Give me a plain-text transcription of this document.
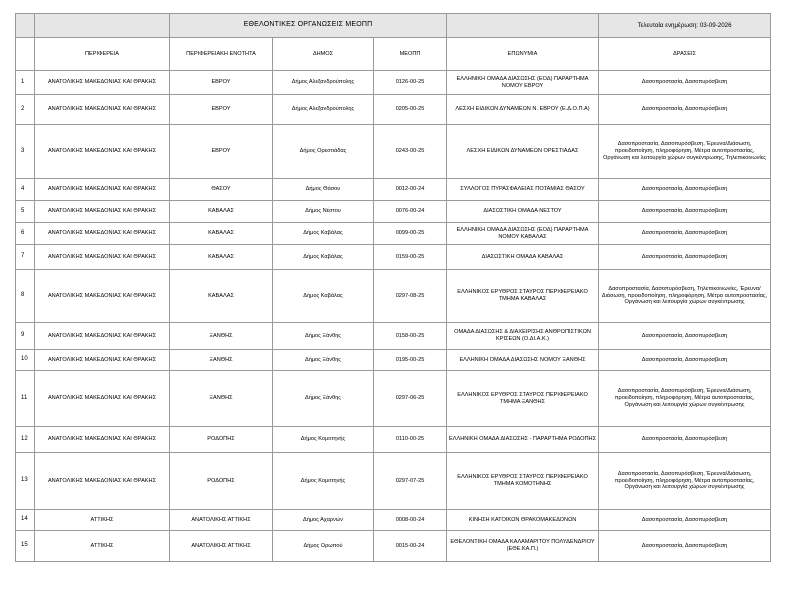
		ΕΘΕΛΟΝΤΙΚΕΣ ΟΡΓΑΝΩΣΕΙΣ ΜΕΟΠΠ				Τελευταία ενημέρωση: 03-09-2026
	ΠΕΡΙΦΕΡΕΙΑ	ΠΕΡΙΦΕΡΕΙΑΚΗ ΕΝΟΤΗΤΑ	ΔΗΜΟΣ	ΜΕΟΠΠ	ΕΠΩΝΥΜΙΑ	ΔΡΑΣΕΙΣ
1	ΑΝΑΤΟΛΙΚΗΣ ΜΑΚΕΔΟΝΙΑΣ ΚΑΙ ΘΡΑΚΗΣ	ΕΒΡΟΥ	Δήμος Αλεξανδρούπολης	0126-00-25	ΕΛΛΗΝΙΚΗ ΟΜΑΔΑ ΔΙΑΣΩΣΗΣ (ΕΟΔ) ΠΑΡΑΡΤΗΜΑ ΝΟΜΟΥ ΕΒΡΟΥ	Δασοπροστασία, Δασοπυρόσβεση
2	ΑΝΑΤΟΛΙΚΗΣ ΜΑΚΕΔΟΝΙΑΣ ΚΑΙ ΘΡΑΚΗΣ	ΕΒΡΟΥ	Δήμος Αλεξανδρούπολης	0205-00-25	ΛΕΣΧΗ ΕΙΔΙΚΩΝ ΔΥΝΑΜΕΩΝ Ν. ΕΒΡΟΥ (Ε.Δ.Ο.Π.Α)	Δασοπροστασία, Δασοπυρόσβεση
3	ΑΝΑΤΟΛΙΚΗΣ ΜΑΚΕΔΟΝΙΑΣ ΚΑΙ ΘΡΑΚΗΣ	ΕΒΡΟΥ	Δήμος Ορεστιάδας	0243-00-25	ΛΕΣΧΗ ΕΙΔΙΚΩΝ ΔΥΝΑΜΕΩΝ ΟΡΕΣΤΙΑΔΑΣ	Δασοπροστασία, Δασοπυρόσβεση, Έρευνα/Διάσωση, προειδοποίηση, πληροφόρηση, Μέτρα αυτοπροστασίας, Οργάνωση και λειτουργία χώρων συγκέντρωσης, Τηλεπικοινωνίες
4	ΑΝΑΤΟΛΙΚΗΣ ΜΑΚΕΔΟΝΙΑΣ ΚΑΙ ΘΡΑΚΗΣ	ΘΑΣΟΥ	Δήμος Θάσου	0012-00-24	ΣΥΛΛΟΓΟΣ ΠΥΡΑΣΦΑΛΕΙΑΣ ΠΟΤΑΜΙΑΣ ΘΑΣΟΥ	Δασοπροστασία, Δασοπυρόσβεση
5	ΑΝΑΤΟΛΙΚΗΣ ΜΑΚΕΔΟΝΙΑΣ ΚΑΙ ΘΡΑΚΗΣ	ΚΑΒΑΛΑΣ	Δήμος Νέστου	0076-00-24	ΔΙΑΣΩΣΤΙΚΗ ΟΜΑΔΑ ΝΕΣΤΟΥ	Δασοπροστασία, Δασοπυρόσβεση
6	ΑΝΑΤΟΛΙΚΗΣ ΜΑΚΕΔΟΝΙΑΣ ΚΑΙ ΘΡΑΚΗΣ	ΚΑΒΑΛΑΣ	Δήμος Καβάλας	0099-00-25	ΕΛΛΗΝΙΚΗ ΟΜΑΔΑ ΔΙΑΣΩΣΗΣ (ΕΟΔ) ΠΑΡΑΡΤΗΜΑ ΝΟΜΟΥ ΚΑΒΑΛΑΣ	Δασοπροστασία, Δασοπυρόσβεση
7	ΑΝΑΤΟΛΙΚΗΣ ΜΑΚΕΔΟΝΙΑΣ ΚΑΙ ΘΡΑΚΗΣ	ΚΑΒΑΛΑΣ	Δήμος Καβάλας	0159-00-25	ΔΙΑΣΩΣΤΙΚΗ ΟΜΑΔΑ ΚΑΒΑΛΑΣ	Δασοπροστασία, Δασοπυρόσβεση
8	ΑΝΑΤΟΛΙΚΗΣ ΜΑΚΕΔΟΝΙΑΣ ΚΑΙ ΘΡΑΚΗΣ	ΚΑΒΑΛΑΣ	Δήμος Καβάλας	0297-08-25	ΕΛΛΗΝΙΚΟΣ ΕΡΥΘΡΟΣ ΣΤΑΥΡΟΣ ΠΕΡΙΦΕΡΕΙΑΚΟ ΤΜΗΜΑ ΚΑΒΑΛΑΣ	Δασοπροστασία, Δασοπυρόσβεση, Τηλεπικοινωνίες, Έρευνα/Διάσωση, προειδοποίηση, πληροφόρηση, Μέτρα αυτοπροστασίας, Οργάνωση και λειτουργία χώρων συγκέντρωσης
9	ΑΝΑΤΟΛΙΚΗΣ ΜΑΚΕΔΟΝΙΑΣ ΚΑΙ ΘΡΑΚΗΣ	ΞΑΝΘΗΣ	Δήμος Ξάνθης	0158-00-25	ΟΜΑΔΑ ΔΙΑΣΩΣΗΣ & ΔΙΑΧΕΙΡΙΣΗΣ ΑΝΘΡΩΠΙΣΤΙΚΩΝ ΚΡΙΣΕΩΝ (Ο.ΔΙ.Α.Κ.)	Δασοπροστασία, Δασοπυρόσβεση
10	ΑΝΑΤΟΛΙΚΗΣ ΜΑΚΕΔΟΝΙΑΣ ΚΑΙ ΘΡΑΚΗΣ	ΞΑΝΘΗΣ	Δήμος Ξάνθης	0195-00-25	ΕΛΛΗΝΙΚΗ ΟΜΑΔΑ ΔΙΑΣΩΣΗΣ ΝΟΜΟΥ ΞΑΝΘΗΣ	Δασοπροστασία, Δασοπυρόσβεση
11	ΑΝΑΤΟΛΙΚΗΣ ΜΑΚΕΔΟΝΙΑΣ ΚΑΙ ΘΡΑΚΗΣ	ΞΑΝΘΗΣ	Δήμος Ξάνθης	0297-06-25	ΕΛΛΗΝΙΚΟΣ ΕΡΥΘΡΟΣ ΣΤΑΥΡΟΣ ΠΕΡΙΦΕΡΕΙΑΚΟ ΤΜΗΜΑ ΞΑΝΘΗΣ	Δασοπροστασία, Δασοπυρόσβεση, Έρευνα/Διάσωση, προειδοποίηση, πληροφόρηση, Μέτρα αυτοπροστασίας, Οργάνωση και λειτουργία χώρων συγκέντρωσης
12	ΑΝΑΤΟΛΙΚΗΣ ΜΑΚΕΔΟΝΙΑΣ ΚΑΙ ΘΡΑΚΗΣ	ΡΟΔΟΠΗΣ	Δήμος Κομοτηνής	0110-00-25	ΕΛΛΗΝΙΚΗ ΟΜΑΔΑ ΔΙΑΣΩΣΗΣ - ΠΑΡΑΡΤΗΜΑ ΡΟΔΟΠΗΣ	Δασοπροστασία, Δασοπυρόσβεση
13	ΑΝΑΤΟΛΙΚΗΣ ΜΑΚΕΔΟΝΙΑΣ ΚΑΙ ΘΡΑΚΗΣ	ΡΟΔΟΠΗΣ	Δήμος Κομοτηνής	0297-07-25	ΕΛΛΗΝΙΚΟΣ ΕΡΥΘΡΟΣ ΣΤΑΥΡΟΣ ΠΕΡΙΦΕΡΕΙΑΚΟ ΤΜΗΜΑ ΚΟΜΟΤΗΝΗΣ	Δασοπροστασία, Δασοπυρόσβεση, Έρευνα/Διάσωση, προειδοποίηση, πληροφόρηση, Μέτρα αυτοπροστασίας, Οργάνωση και λειτουργία χώρων συγκέντρωσης
14	ΑΤΤΙΚΗΣ	ΑΝΑΤΟΛΙΚΗΣ ΑΤΤΙΚΗΣ	Δήμος Αχαρνών	0008-00-24	ΚΙΝΗΣΗ ΚΑΤΟΙΚΩΝ ΘΡΑΚΟΜΑΚΕΔΟΝΩΝ	Δασοπροστασία, Δασοπυρόσβεση
15	ΑΤΤΙΚΗΣ	ΑΝΑΤΟΛΙΚΗΣ ΑΤΤΙΚΗΣ	Δήμος Ωρωπού	0015-00-24	ΕΘΕΛΟΝΤΙΚΗ ΟΜΑΔΑ ΚΑΛΑΜΑΡΙΤΟΥ ΠΟΛΥΔΕΝΔΡΙΟΥ (ΕΘΕ.ΚΑ.Π.)	Δασοπροστασία, Δασοπυρόσβεση
